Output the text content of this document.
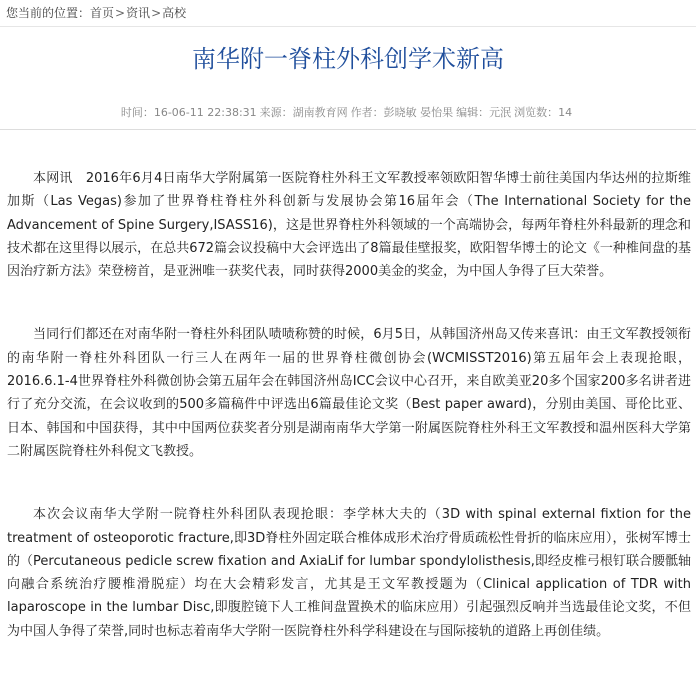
您当前的位置：首页>资讯>高校
南华附一脊柱外科创学术新高
时间：16-06-11 22:38:31 来源：湖南教育网 作者：彭晓敏 晏怡果 编辑：元泯 浏览数：14

本网讯　2016年6月4日南华大学附属第一医院脊柱外科王文军教授率领欧阳智华博士前往美国内华达州的拉斯维加斯（Las Vegas)参加了世界脊柱脊柱外科创新与发展协会第16届年会（The International Society for the Advancement of Spine Surgery,ISASS16)，这是世界脊柱外科领域的一个高端协会，每两年脊柱外科最新的理念和技术都在这里得以展示，在总共672篇会议投稿中大会评选出了8篇最佳壁报奖，欧阳智华博士的论文《一种椎间盘的基因治疗新方法》荣登榜首，是亚洲唯一获奖代表，同时获得2000美金的奖金，为中国人争得了巨大荣誉。

当同行们都还在对南华附一脊柱外科团队啧啧称赞的时候，6月5日，从韩国济州岛又传来喜讯：由王文军教授领衔的南华附一脊柱外科团队一行三人在两年一届的世界脊柱微创协会(WCMISST2016)第五届年会上表现抢眼，2016.6.1-4世界脊柱外科微创协会第五届年会在韩国济州岛ICC会议中心召开，来自欧美亚20多个国家200多名讲者进行了充分交流，在会议收到的500多篇稿件中评选出6篇最佳论文奖（Best paper award)，分别由美国、哥伦比亚、日本、韩国和中国获得，其中中国两位获奖者分别是湖南南华大学第一附属医院脊柱外科王文军教授和温州医科大学第二附属医院脊柱外科倪文飞教授。

本次会议南华大学附一院脊柱外科团队表现抢眼：李学林大夫的（3D with spinal external fixtion for the treatment of osteoporotic fracture,即3D脊柱外固定联合椎体成形术治疗骨质疏松性骨折的临床应用），张树军博士的（Percutaneous pedicle screw fixation and AxiaLif for lumbar spondylolisthesis,即经皮椎弓根钉联合腰骶轴向融合系统治疗腰椎滑脱症）均在大会精彩发言，尤其是王文军教授题为（Clinical application of TDR with laparoscope in the lumbar Disc,即腹腔镜下人工椎间盘置换术的临床应用）引起强烈反响并当选最佳论文奖，不但为中国人争得了荣誉,同时也标志着南华大学附一医院脊柱外科学科建设在与国际接轨的道路上再创佳绩。
